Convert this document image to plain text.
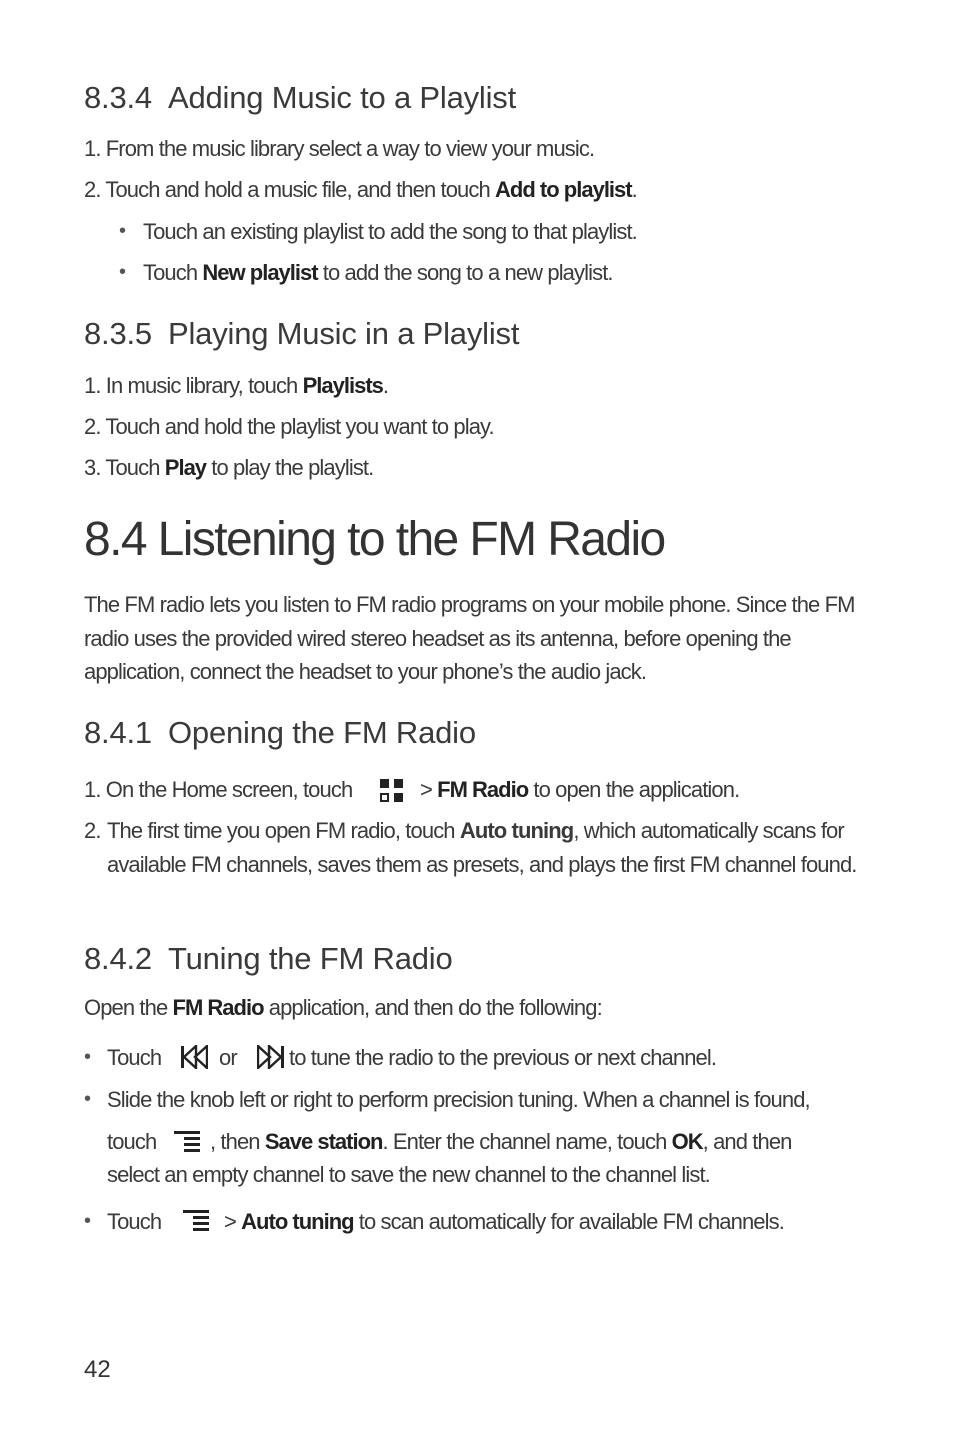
8.3.4 Adding Music to a Playlist
1. From the music library select a way to view your music.
2. Touch and hold a music file, and then touch Add to playlist.
• Touch an existing playlist to add the song to that playlist.
• Touch New playlist to add the song to a new playlist.
8.3.5 Playing Music in a Playlist
1. In music library, touch Playlists.
2. Touch and hold the playlist you want to play.
3. Touch Play to play the playlist.
8.4 Listening to the FM Radio
The FM radio lets you listen to FM radio programs on your mobile phone. Since the FM radio uses the provided wired stereo headset as its antenna, before opening the application, connect the headset to your phone’s the audio jack.
8.4.1 Opening the FM Radio
1. On the Home screen, touch	> FM Radio to open the application.
2. The first time you open FM radio, touch Auto tuning, which automatically scans for available FM channels, saves them as presets, and plays the first FM channel found.
8.4.2 Tuning the FM Radio
Open the FM Radio application, and then do the following:
• Touch	or to tune the radio to the previous or next channel.
• Slide the knob left or right to perform precision tuning. When a channel is found,
touch , then Save station. Enter the channel name, touch OK, and then
select an empty channel to save the new channel to the channel list.
• Touch	> Auto tuning to scan automatically for available FM channels.
42
